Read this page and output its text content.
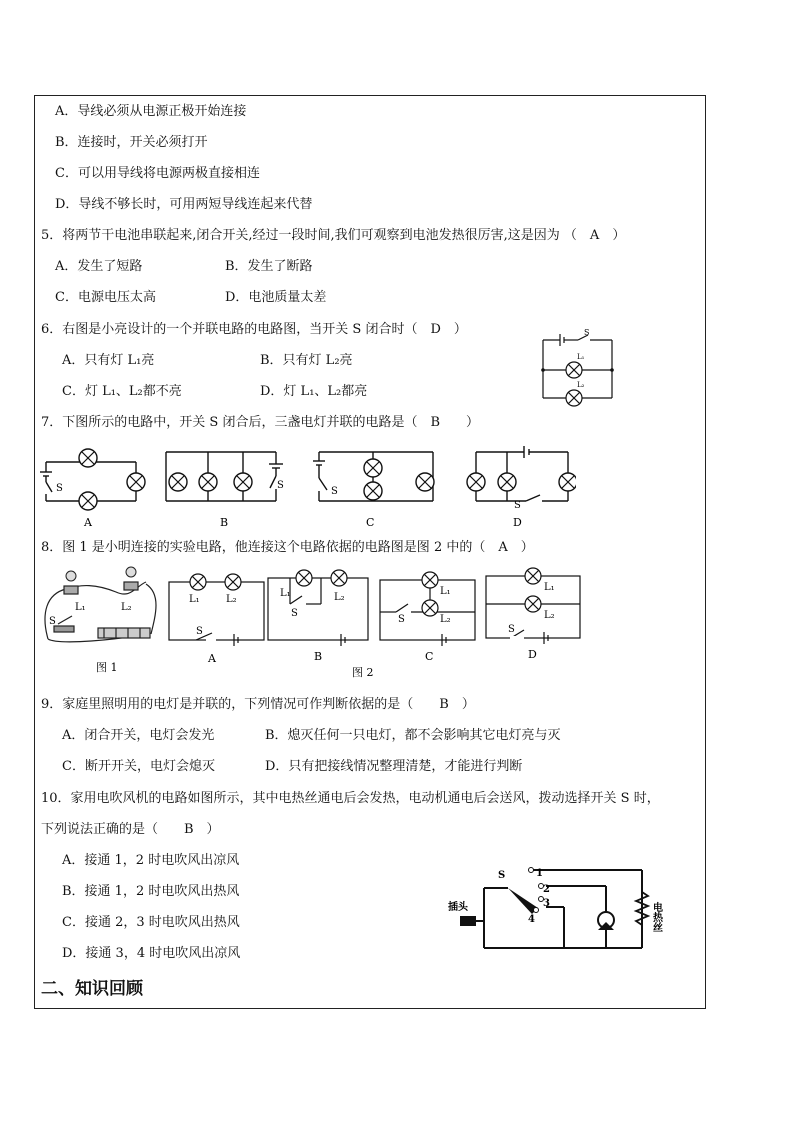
A．导线必须从电源正极开始连接
B．连接时，开关必须打开
C．可以用导线将电源两极直接相连
D．导线不够长时，可用两短导线连起来代替
5．将两节干电池串联起来,闭合开关,经过一段时间,我们可观察到电池发热很厉害,这是因为 （　A　）
A．发生了短路	B．发生了断路
C．电源电压太高	D．电池质量太差
6．右图是小亮设计的一个并联电路的电路图，当开关 S 闭合时（　D　）
A．只有灯 L₁亮	B．只有灯 L₂亮
C．灯 L₁、L₂都不亮	D．灯 L₁、L₂都亮
S
L₁
L₂
7．下图所示的电路中，开关 S 闭合后，三盏电灯并联的电路是（　B　　）
S	S
S
S
A	B	C	D
8．图 1 是小明连接的实验电路，他连接这个电路依据的电路图是图 2 中的（　A　）
L₁	L₂
S
L₁	L₂
S
L₁	L₂
S
L₁
S	L₂
L₁
L₂
S
A	B	C	D
图 1	图 2
9．家庭里照明用的电灯是并联的，下列情况可作判断依据的是（　　B　）
A．闭合开关，电灯会发光	B．熄灭任何一只电灯，都不会影响其它电灯亮与灭
C．断开开关，电灯会熄灭	D．只有把接线情况整理清楚，才能进行判断
10．家用电吹风机的电路如图所示，其中电热丝通电后会发热，电动机通电后会送风，拨动选择开关 S 时，
下列说法正确的是（　　B　）
A．接通 1，2 时电吹风出凉风
B．接通 1，2 时电吹风出热风
C．接通 2，3 时电吹风出热风
D．接通 3，4 时电吹风出凉风
S	1
2
3
4
插头	电热丝
二、知识回顾
